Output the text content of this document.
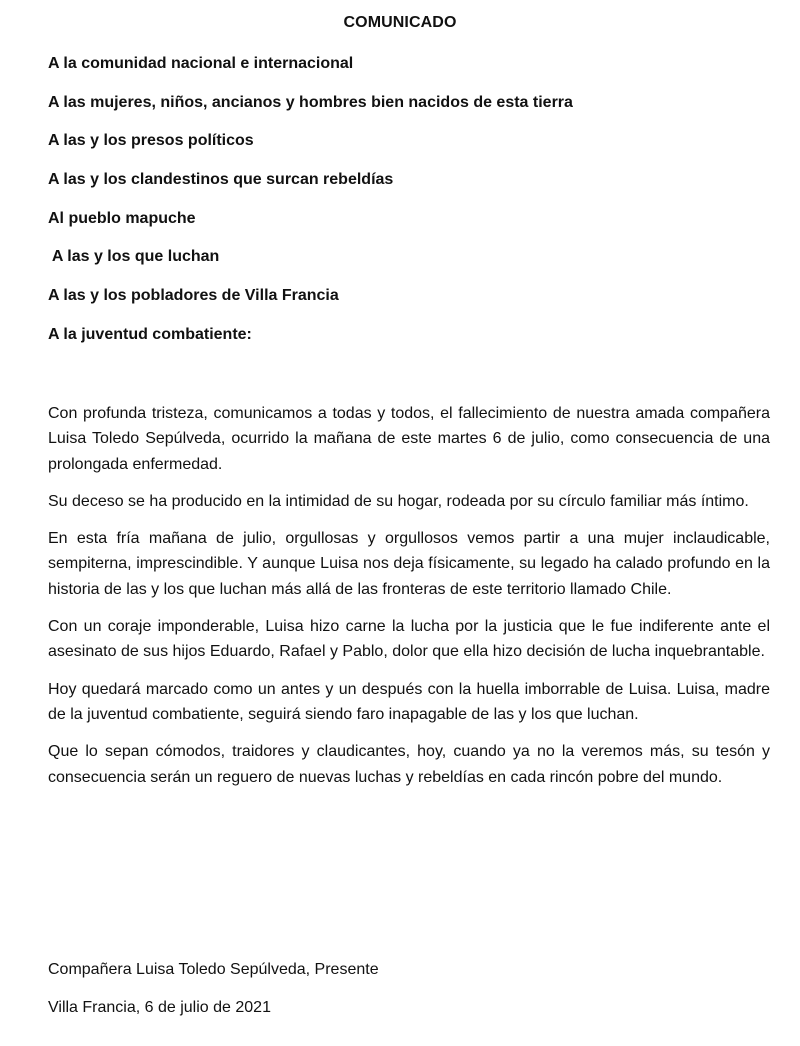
COMUNICADO
A la comunidad nacional e internacional
A las mujeres, niños, ancianos y hombres bien nacidos de esta tierra
A las y los presos políticos
A las y los clandestinos que surcan rebeldías
Al pueblo mapuche
A las y los que luchan
A las y los pobladores de Villa Francia
A la juventud combatiente:

Con profunda tristeza, comunicamos a todas y todos, el fallecimiento de nuestra amada compañera Luisa Toledo Sepúlveda, ocurrido la mañana de este martes 6 de julio, como consecuencia de una prolongada enfermedad.

Su deceso se ha producido en la intimidad de su hogar, rodeada por su círculo familiar más íntimo.

En esta fría mañana de julio, orgullosas y orgullosos vemos partir a una mujer inclaudicable, sempiterna, imprescindible. Y aunque Luisa nos deja físicamente, su legado ha calado profundo en la historia de las y los que luchan más allá de las fronteras de este territorio llamado Chile.

Con un coraje imponderable, Luisa hizo carne la lucha por la justicia que le fue indiferente ante el asesinato de sus hijos Eduardo, Rafael y Pablo, dolor que ella hizo decisión de lucha inquebrantable.

Hoy quedará marcado como un antes y un después con la huella imborrable de Luisa. Luisa, madre de la juventud combatiente, seguirá siendo faro inapagable de las y los que luchan.

Que lo sepan cómodos, traidores y claudicantes, hoy, cuando ya no la veremos más, su tesón y consecuencia serán un reguero de nuevas luchas y rebeldías en cada rincón pobre del mundo.

Compañera Luisa Toledo Sepúlveda, Presente
Villa Francia, 6 de julio de 2021
